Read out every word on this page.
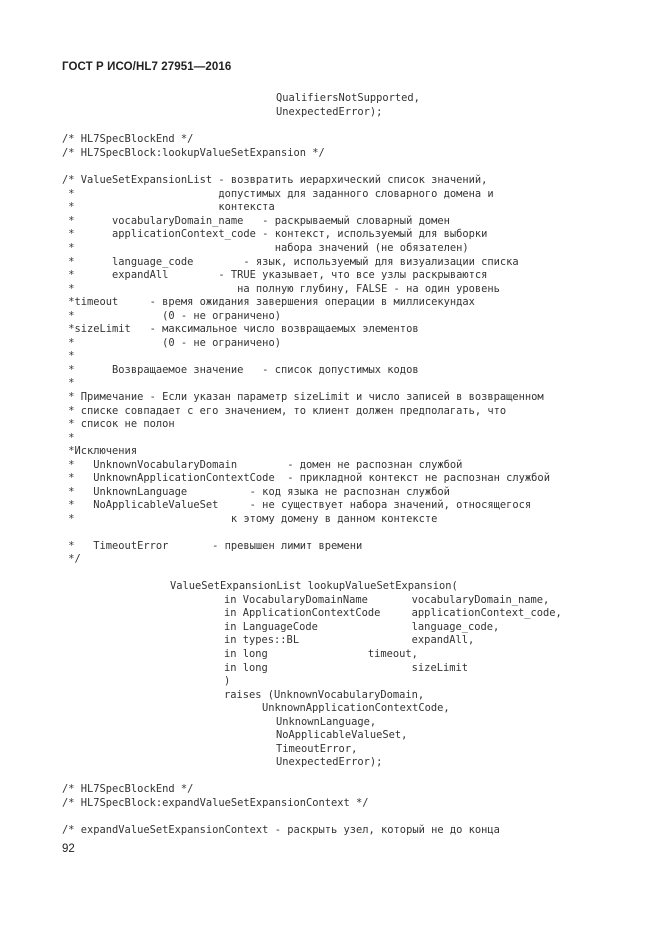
ГОСТ Р ИСО/HL7 27951—2016
QualifiersNotSupported,
UnexpectedError);
/* HL7SpecBlockEnd */
/* HL7SpecBlock:lookupValueSetExpansion */
/* ValueSetExpansionList - возвратить иерархический список значений,
*                       допустимых для заданного словарного домена и
*                       контекста
*      vocabularyDomain_name   - раскрываемый словарный домен
*      applicationContext_code - контекст, используемый для выборки
*                                набора значений (не обязателен)
*      language_code        - язык, используемый для визуализации списка
*      expandAll        - TRUE указывает, что все узлы раскрываются
*                          на полную глубину, FALSE - на один уровень
*timeout     - время ожидания завершения операции в миллисекундах
*              (0 - не ограничено)
*sizeLimit   - максимальное число возвращаемых элементов
*              (0 - не ограничено)
*
*      Возвращаемое значение   - список допустимых кодов
*
* Примечание - Если указан параметр sizeLimit и число записей в возвращенном
* списке совпадает с его значением, то клиент должен предполагать, что
* список не полон
*
*Исключения
*   UnknownVocabularyDomain        - домен не распознан службой
*   UnknownApplicationContextCode  - прикладной контекст не распознан службой
*   UnknownLanguage          - код языка не распознан службой
*   NoApplicableValueSet     - не существует набора значений, относящегося
*                         к этому домену в данном контексте
*   TimeoutError       - превышен лимит времени
*/
ValueSetExpansionList lookupValueSetExpansion(
in VocabularyDomainName       vocabularyDomain_name,
in ApplicationContextCode     applicationContext_code,
in LanguageCode               language_code,
in types::BL                  expandAll,
in long                timeout,
in long                       sizeLimit
)
raises (UnknownVocabularyDomain,
UnknownApplicationContextCode,
UnknownLanguage,
NoApplicableValueSet,
TimeoutError,
UnexpectedError);
/* HL7SpecBlockEnd */
/* HL7SpecBlock:expandValueSetExpansionContext */
/* expandValueSetExpansionContext - раскрыть узел, который не до конца
92
